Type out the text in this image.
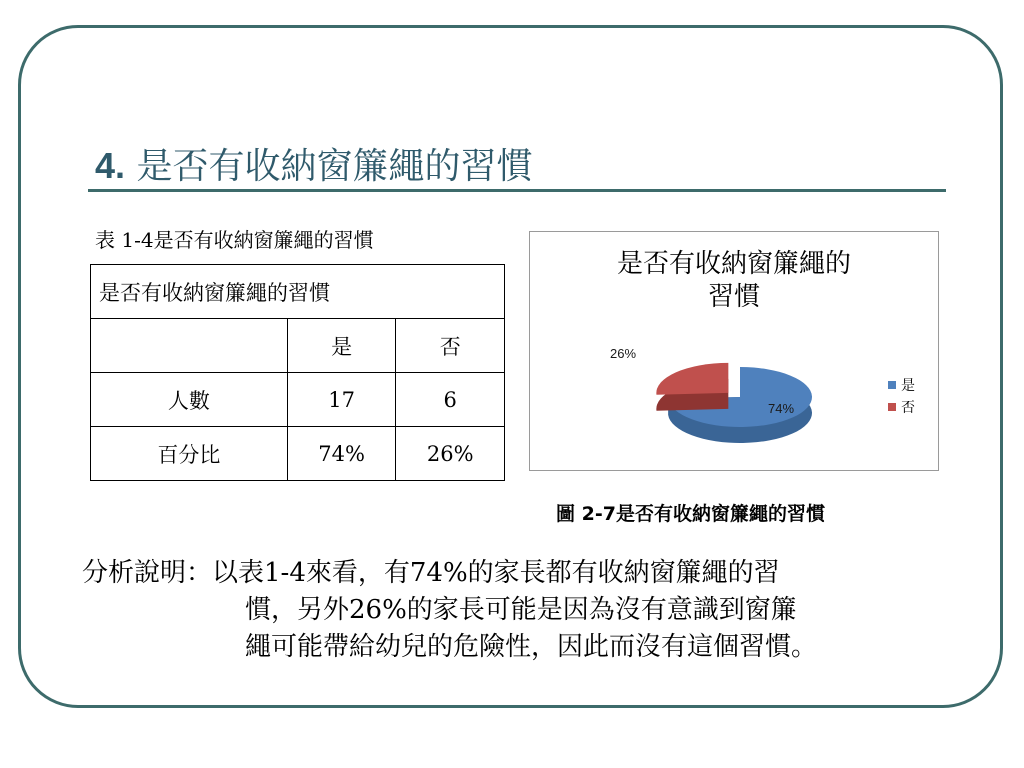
4. 是否有收納窗簾繩的習慣
表 1-4是否有收納窗簾繩的習慣
是否有收納窗簾繩的習慣		
	是	否
人數	17	6
百分比	74%	26%
是否有收納窗簾繩的
習慣
74%
26%
是
否
圖 2-7是否有收納窗簾繩的習慣
分析說明：以表1-4來看，有74%的家長都有收納窗簾繩的習
慣，另外26%的家長可能是因為沒有意識到窗簾
繩可能帶給幼兒的危險性，因此而沒有這個習慣。
